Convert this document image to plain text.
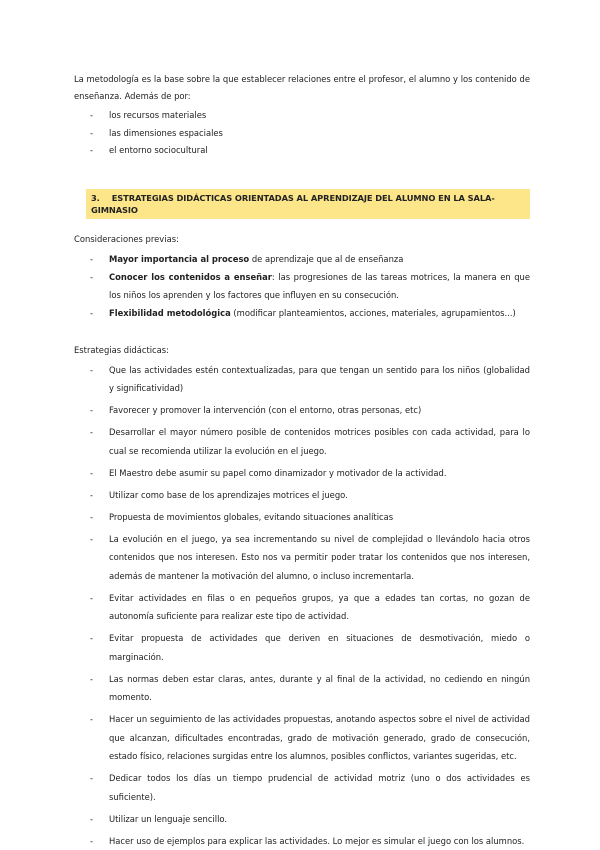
La metodología es la base sobre la que establecer relaciones entre el profesor, el alumno y los contenido de enseñanza. Además de por:

- los recursos materiales
- las dimensiones espaciales
- el entorno sociocultural
3. ESTRATEGIAS DIDÁCTICAS ORIENTADAS AL APRENDIZAJE DEL ALUMNO EN LA SALA-GIMNASIO

Consideraciones previas:

- Mayor importancia al proceso de aprendizaje que al de enseñanza
- Conocer los contenidos a enseñar: las progresiones de las tareas motrices, la manera en que los niños los aprenden y los factores que influyen en su consecución.
- Flexibilidad metodológica (modificar planteamientos, acciones, materiales, agrupamientos...)

Estrategias didácticas:

- Que las actividades estén contextualizadas, para que tengan un sentido para los niños (globalidad y significatividad)
- Favorecer y promover la intervención (con el entorno, otras personas, etc)
- Desarrollar el mayor número posible de contenidos motrices posibles con cada actividad, para lo cual se recomienda utilizar la evolución en el juego.
- El Maestro debe asumir su papel como dinamizador y motivador de la actividad.
- Utilizar como base de los aprendizajes motrices el juego.
- Propuesta de movimientos globales, evitando situaciones analíticas
- La evolución en el juego, ya sea incrementando su nivel de complejidad o llevándolo hacia otros contenidos que nos interesen. Esto nos va permitir poder tratar los contenidos que nos interesen, además de mantener la motivación del alumno, o incluso incrementarla.
- Evitar actividades en filas o en pequeños grupos, ya que a edades tan cortas, no gozan de autonomía suficiente para realizar este tipo de actividad.
- Evitar propuesta de actividades que deriven en situaciones de desmotivación, miedo o marginación.
- Las normas deben estar claras, antes, durante y al final de la actividad, no cediendo en ningún momento.
- Hacer un seguimiento de las actividades propuestas, anotando aspectos sobre el nivel de actividad que alcanzan, dificultades encontradas, grado de motivación generado, grado de consecución, estado físico, relaciones surgidas entre los alumnos, posibles conflictos, variantes sugeridas, etc.
- Dedicar todos los días un tiempo prudencial de actividad motriz (uno o dos actividades es suficiente).
- Utilizar un lenguaje sencillo.
- Hacer uso de ejemplos para explicar las actividades. Lo mejor es simular el juego con los alumnos.
